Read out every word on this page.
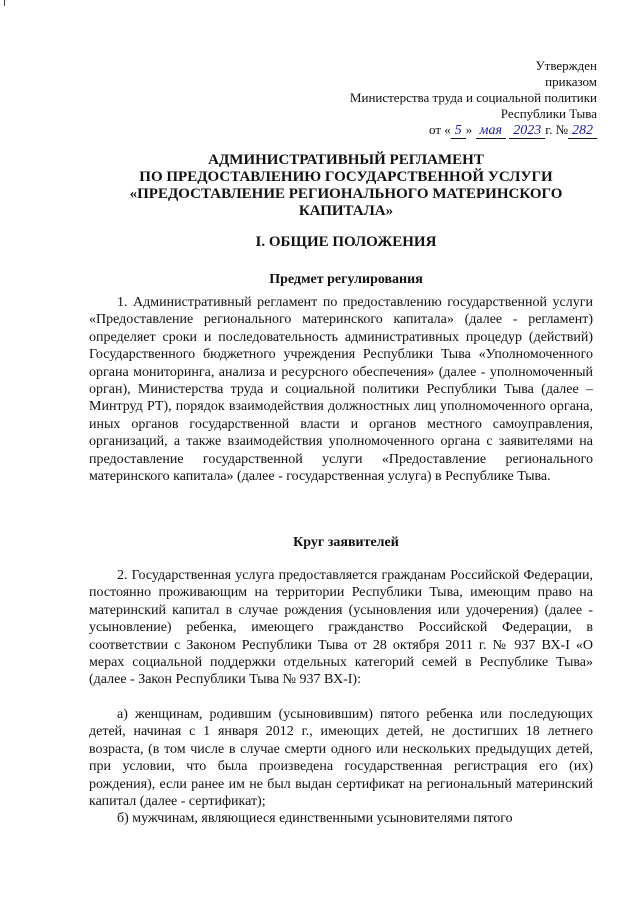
Утвержден
приказом
Министерства труда и социальной политики
Республики Тыва
от « 5 » мая 2023 г. № 282
АДМИНИСТРАТИВНЫЙ РЕГЛАМЕНТ
ПО ПРЕДОСТАВЛЕНИЮ ГОСУДАРСТВЕННОЙ УСЛУГИ
«ПРЕДОСТАВЛЕНИЕ РЕГИОНАЛЬНОГО МАТЕРИНСКОГО
КАПИТАЛА»
I. ОБЩИЕ ПОЛОЖЕНИЯ
Предмет регулирования

1. Административный регламент по предоставлению государственной услуги «Предоставление регионального материнского капитала» (далее - регламент) определяет сроки и последовательность административных процедур (действий) Государственного бюджетного учреждения Республики Тыва «Уполномоченного органа мониторинга, анализа и ресурсного обеспечения» (далее - уполномоченный орган), Министерства труда и социальной политики Республики Тыва (далее – Минтруд РТ), порядок взаимодействия должностных лиц уполномоченного органа, иных органов государственной власти и органов местного самоуправления, организаций, а также взаимодействия уполномоченного органа с заявителями на предоставление государственной услуги «Предоставление регионального материнского капитала» (далее - государственная услуга) в Республике Тыва.

Круг заявителей

2. Государственная услуга предоставляется гражданам Российской Федерации, постоянно проживающим на территории Республики Тыва, имеющим право на материнский капитал в случае рождения (усыновления или удочерения) (далее - усыновление) ребенка, имеющего гражданство Российской Федерации, в соответствии с Законом Республики Тыва от 28 октября 2011 г. № 937 ВХ-I «О мерах социальной поддержки отдельных категорий семей в Республике Тыва» (далее - Закон Республики Тыва № 937 ВХ-I):

а) женщинам, родившим (усыновившим) пятого ребенка или последующих детей, начиная с 1 января 2012 г., имеющих детей, не достигших 18 летнего возраста, (в том числе в случае смерти одного или нескольких предыдущих детей, при условии, что была произведена государственная регистрация его (их) рождения), если ранее им не был выдан сертификат на региональный материнский капитал (далее - сертификат);

б) мужчинам, являющиеся единственными усыновителями пятого
